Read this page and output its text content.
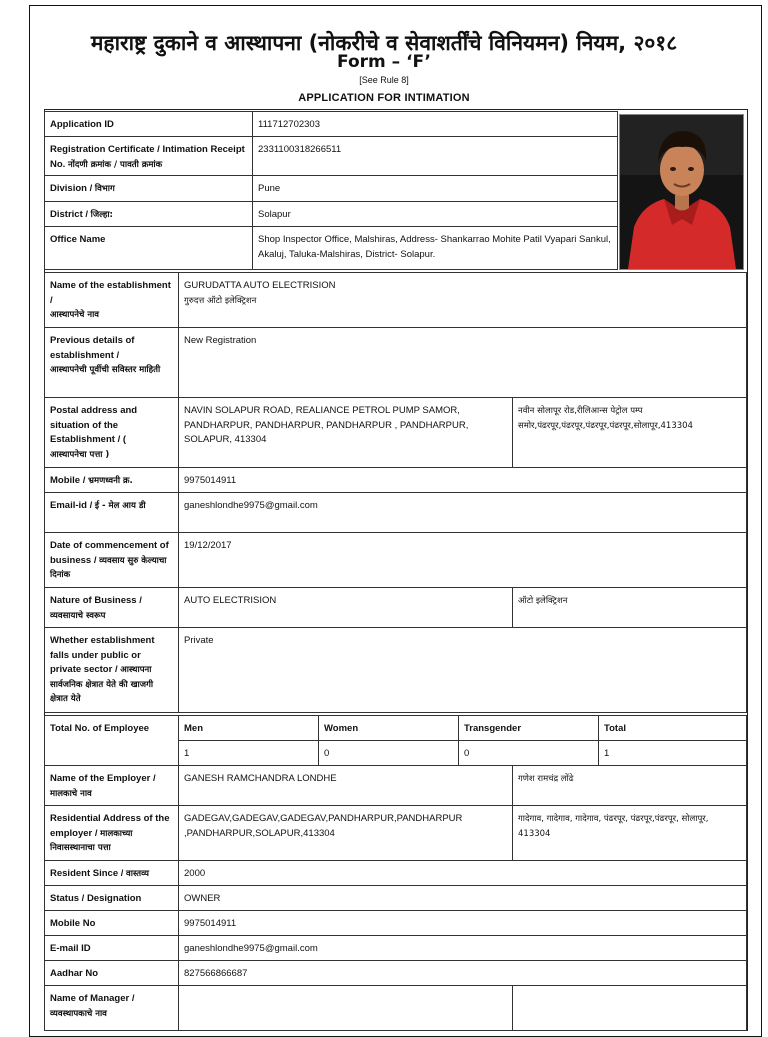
महाराष्ट्र दुकाने व आस्थापना (नोकरीचे व सेवाशर्तींचे विनियमन) नियम, २०१८
Form – ‘F’
[See Rule 8]
APPLICATION FOR INTIMATION
Application ID	111712702303
Registration Certificate / Intimation Receipt No. नोंदणी क्रमांक / पावती क्रमांक	2331100318266511
Division / विभाग	Pune
District / जिल्हा:	Solapur
Office Name	Shop Inspector Office, Malshiras, Address- Shankarrao Mohite Patil Vyapari Sankul, Akaluj, Taluka-Malshiras, District- Solapur.
Name of the establishment /
आस्थापनेचे नाव	GURUDATTA AUTO ELECTRISION
गुरुदत्त ऑटो इलेक्ट्रिशन	
Previous details of establishment /
आस्थापनेची पूर्वीची सविस्तर माहिती	New Registration	
Postal address and situation of the Establishment / (
आस्थापनेचा पत्ता )	NAVIN SOLAPUR ROAD, REALIANCE PETROL PUMP SAMOR, PANDHARPUR, PANDHARPUR, PANDHARPUR , PANDHARPUR, SOLAPUR, 413304	नवीन सोलापूर रोड,रीलिआन्स पेट्रोल पम्प समोर,पंढरपूर,पंढरपूर,पंढरपूर,पंढरपूर,सोलापूर,413304
Mobile / भ्रमणध्वनी क्र.	9975014911	
Email-id / ई - मेल आय डी	ganeshlondhe9975@gmail.com	
Date of commencement of business / व्यवसाय सुरु केल्याचा दिनांक	19/12/2017	
Nature of Business /
व्यवसायाचे स्वरूप	AUTO ELECTRISION	ऑटो इलेक्ट्रिशन
Whether establishment falls under public or private sector / आस्थापना सार्वजनिक क्षेत्रात येते की खाजगी क्षेत्रात येते	Private	
Total No. of Employee	Men	Women	Transgender	Total
	1	0	0	1
Name of the Employer / मालकाचे नाव	GANESH RAMCHANDRA LONDHE	गणेश रामचंद्र लोंढे
Residential Address of the employer / मालकाच्या निवासस्थानाचा पत्ता	GADEGAV,GADEGAV,GADEGAV,PANDHARPUR,PANDHARPUR ,PANDHARPUR,SOLAPUR,413304	गादेगाव, गादेगाव, गादेगाव, पंढरपूर, पंढरपूर,पंढरपूर, सोलापूर, 413304
Resident Since / वास्तव्य	2000	
Status / Designation	OWNER	
Mobile No	9975014911	
E-mail ID	ganeshlondhe9975@gmail.com	
Aadhar No	827566866687	
Name of Manager /
व्यवस्थापकाचे नाव		
